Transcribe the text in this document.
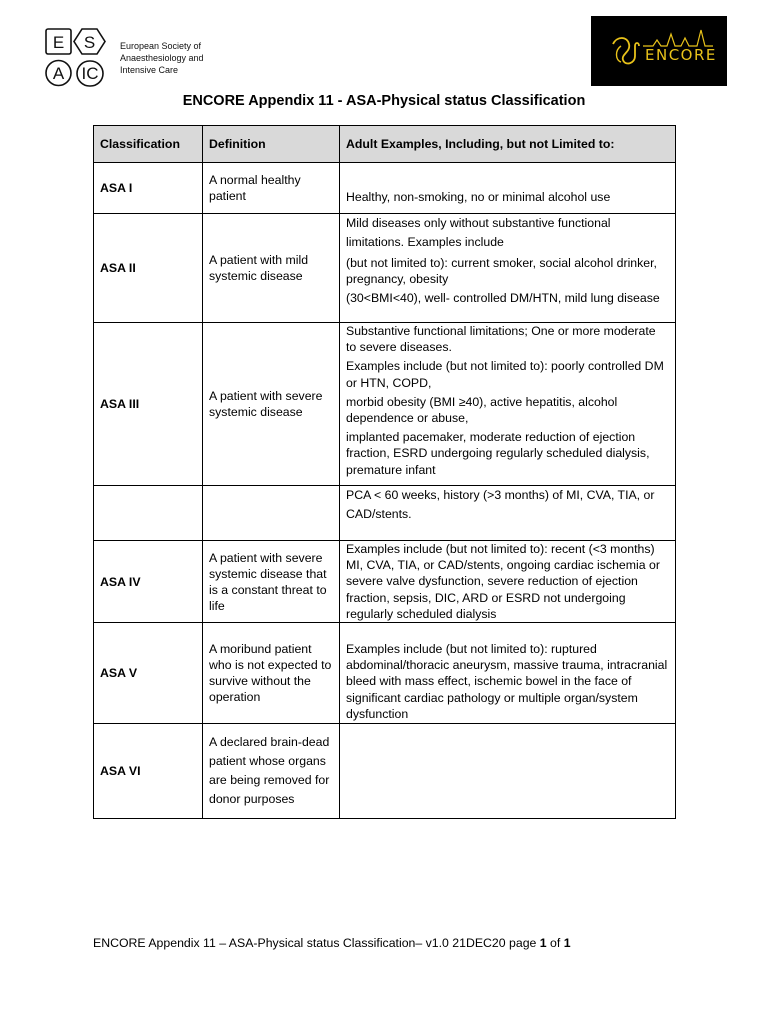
E S
A IC
European Society of
Anaesthesiology and
Intensive Care
ENCORE
ENCORE Appendix 11 - ASA-Physical status Classification
Classification	Definition	Adult Examples, Including, but not Limited to:
ASA I	A normal healthy patient	Healthy, non-smoking, no or minimal alcohol use
ASA II	A patient with mild systemic disease	Mild diseases only without substantive functional limitations. Examples include
(but not limited to): current smoker, social alcohol drinker, pregnancy, obesity
(30<BMI<40), well- controlled DM/HTN, mild lung disease
ASA III	A patient with severe systemic disease	Substantive functional limitations; One or more moderate to severe diseases.
Examples include (but not limited to): poorly controlled DM or HTN, COPD,
morbid obesity (BMI ≥40), active hepatitis, alcohol dependence or abuse,
implanted pacemaker, moderate reduction of ejection fraction, ESRD undergoing regularly scheduled dialysis, premature infant
		PCA < 60 weeks, history (>3 months) of MI, CVA, TIA, or CAD/stents.
ASA IV	A patient with severe systemic disease that is a constant threat to life	Examples include (but not limited to): recent (<3 months) MI, CVA, TIA, or CAD/stents, ongoing cardiac ischemia or severe valve dysfunction, severe reduction of ejection fraction, sepsis, DIC, ARD or ESRD not undergoing regularly scheduled dialysis
ASA V	A moribund patient who is not expected to survive without the operation	Examples include (but not limited to): ruptured abdominal/thoracic aneurysm, massive trauma, intracranial bleed with mass effect, ischemic bowel in the face of significant cardiac pathology or multiple organ/system dysfunction
ASA VI	A declared brain-dead patient whose organs are being removed for donor purposes	
ENCORE Appendix 11 – ASA-Physical status Classification– v1.0 21DEC20 page 1 of 1
